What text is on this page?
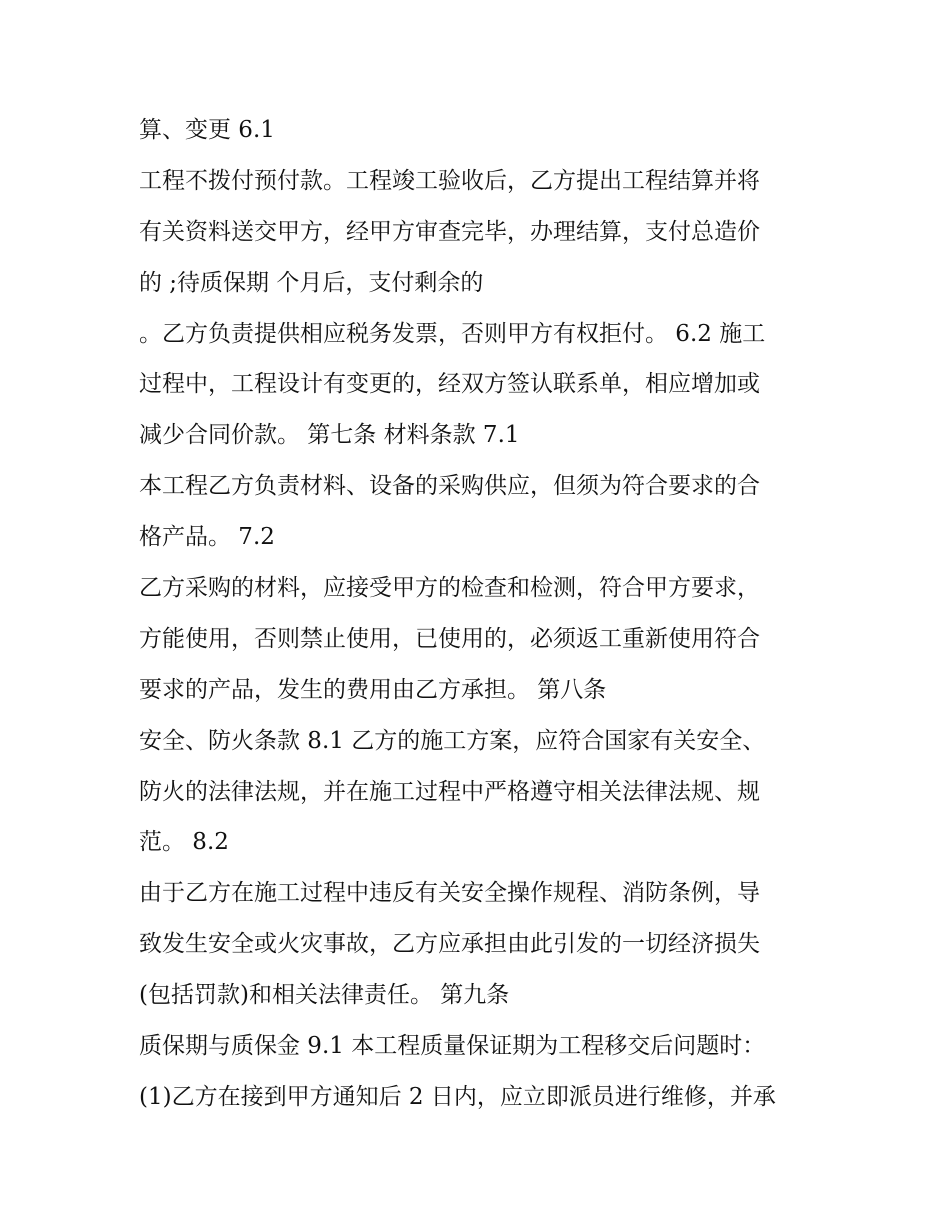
算、变更 6.1
工程不拨付预付款。工程竣工验收后，乙方提出工程结算并将
有关资料送交甲方，经甲方审查完毕，办理结算，支付总造价
的 ;待质保期 个月后，支付剩余的
。乙方负责提供相应税务发票，否则甲方有权拒付。 6.2 施工
过程中，工程设计有变更的，经双方签认联系单，相应增加或
减少合同价款。 第七条 材料条款 7.1
本工程乙方负责材料、设备的采购供应，但须为符合要求的合
格产品。 7.2
乙方采购的材料，应接受甲方的检查和检测，符合甲方要求，
方能使用，否则禁止使用，已使用的，必须返工重新使用符合
要求的产品，发生的费用由乙方承担。 第八条
安全、防火条款 8.1 乙方的施工方案，应符合国家有关安全、
防火的法律法规，并在施工过程中严格遵守相关法律法规、规
范。 8.2
由于乙方在施工过程中违反有关安全操作规程、消防条例，导
致发生安全或火灾事故，乙方应承担由此引发的一切经济损失
(包括罚款)和相关法律责任。 第九条
质保期与质保金 9.1 本工程质量保证期为工程移交后问题时：
(1)乙方在接到甲方通知后 2 日内，应立即派员进行维修，并承
